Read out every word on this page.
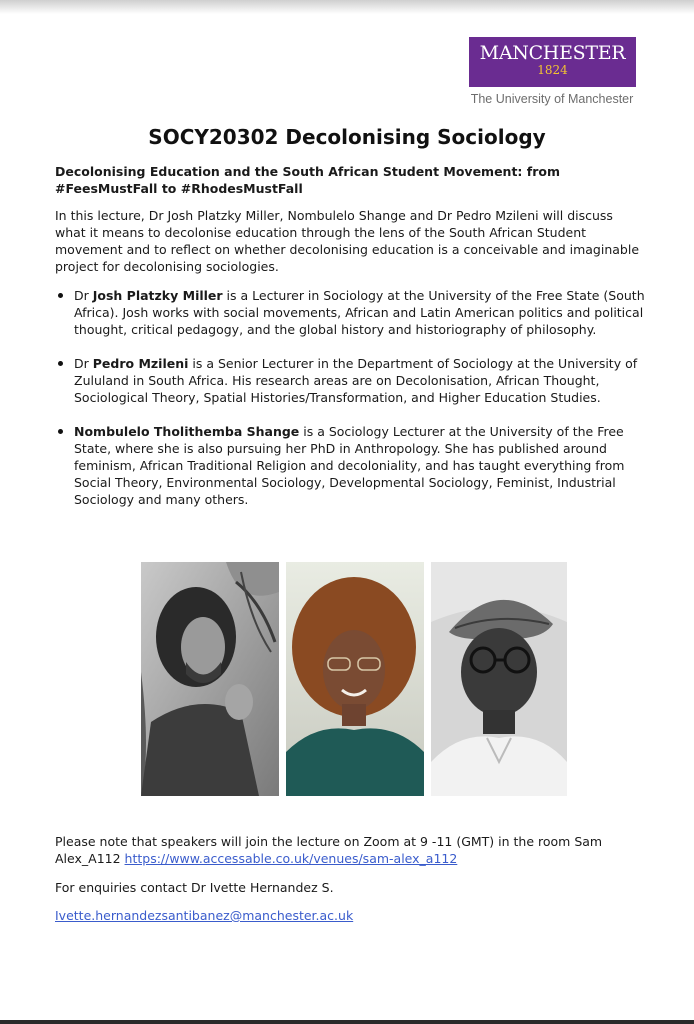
MANCHESTER
1824
The University of Manchester
SOCY20302 Decolonising Sociology
Decolonising Education and the South African Student Movement: from #FeesMustFall to #RhodesMustFall
In this lecture, Dr Josh Platzky Miller, Nombulelo Shange and Dr Pedro Mzileni will discuss what it means to decolonise education through the lens of the South African Student movement and to reflect on whether decolonising education is a conceivable and imaginable project for decolonising sociologies.
Dr Josh Platzky Miller is a Lecturer in Sociology at the University of the Free State (South Africa). Josh works with social movements, African and Latin American politics and political thought, critical pedagogy, and the global history and historiography of philosophy.
Dr Pedro Mzileni is a Senior Lecturer in the Department of Sociology at the University of Zululand in South Africa. His research areas are on Decolonisation, African Thought, Sociological Theory, Spatial Histories/Transformation, and Higher Education Studies.
Nombulelo Tholithemba Shange is a Sociology Lecturer at the University of the Free State, where she is also pursuing her PhD in Anthropology. She has published around feminism, African Traditional Religion and decoloniality, and has taught everything from Social Theory, Environmental Sociology, Developmental Sociology, Feminist, Industrial Sociology and many others.
Please note that speakers will join the lecture on Zoom at 9 -11 (GMT) in the room Sam Alex_A112 https://www.accessable.co.uk/venues/sam-alex_a112
For enquiries contact Dr Ivette Hernandez S.
Ivette.hernandezsantibanez@manchester.ac.uk
